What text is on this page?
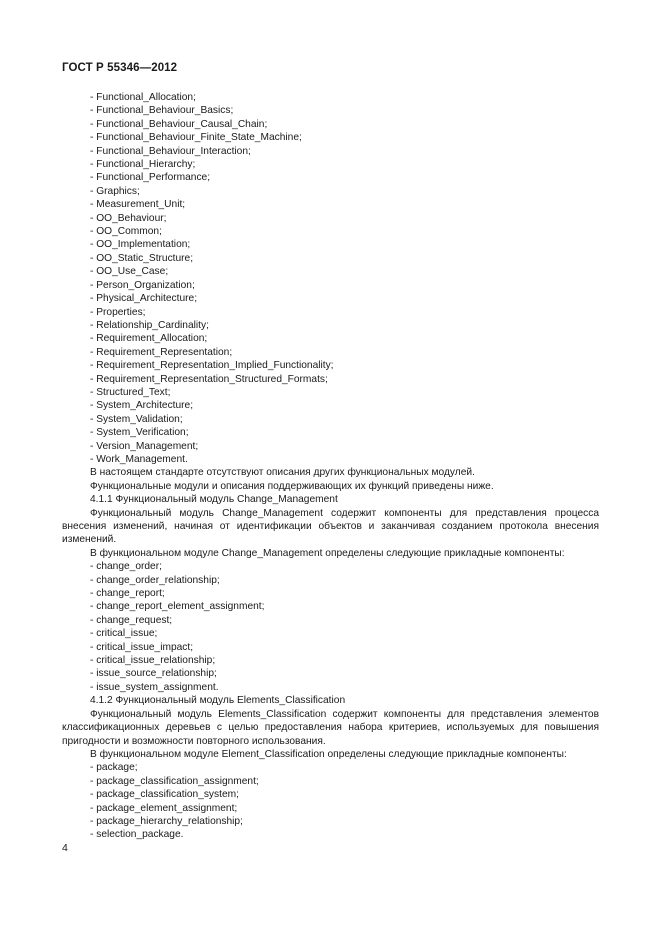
ГОСТ Р 55346—2012
- Functional_Allocation;
- Functional_Behaviour_Basics;
- Functional_Behaviour_Causal_Chain;
- Functional_Behaviour_Finite_State_Machine;
- Functional_Behaviour_Interaction;
- Functional_Hierarchy;
- Functional_Performance;
- Graphics;
- Measurement_Unit;
- OO_Behaviour;
- OO_Common;
- OO_Implementation;
- OO_Static_Structure;
- OO_Use_Case;
- Person_Organization;
- Physical_Architecture;
- Properties;
- Relationship_Cardinality;
- Requirement_Allocation;
- Requirement_Representation;
- Requirement_Representation_Implied_Functionality;
- Requirement_Representation_Structured_Formats;
- Structured_Text;
- System_Architecture;
- System_Validation;
- System_Verification;
- Version_Management;
- Work_Management.
В настоящем стандарте отсутствуют описания других функциональных модулей.
Функциональные модули и описания поддерживающих их функций приведены ниже.
4.1.1 Функциональный модуль Change_Management
Функциональный модуль Change_Management содержит компоненты для представления процесса внесения изменений, начиная от идентификации объектов и заканчивая созданием протокола внесения изменений.
В функциональном модуле Change_Management определены следующие прикладные компоненты:
- change_order;
- change_order_relationship;
- change_report;
- change_report_element_assignment;
- change_request;
- critical_issue;
- critical_issue_impact;
- critical_issue_relationship;
- issue_source_relationship;
- issue_system_assignment.
4.1.2 Функциональный модуль Elements_Classification
Функциональный модуль Elements_Classification содержит компоненты для представления элементов классификационных деревьев с целью предоставления набора критериев, используемых для повышения пригодности и возможности повторного использования.
В функциональном модуле Element_Classification определены следующие прикладные компоненты:
- package;
- package_classification_assignment;
- package_classification_system;
- package_element_assignment;
- package_hierarchy_relationship;
- selection_package.
4
